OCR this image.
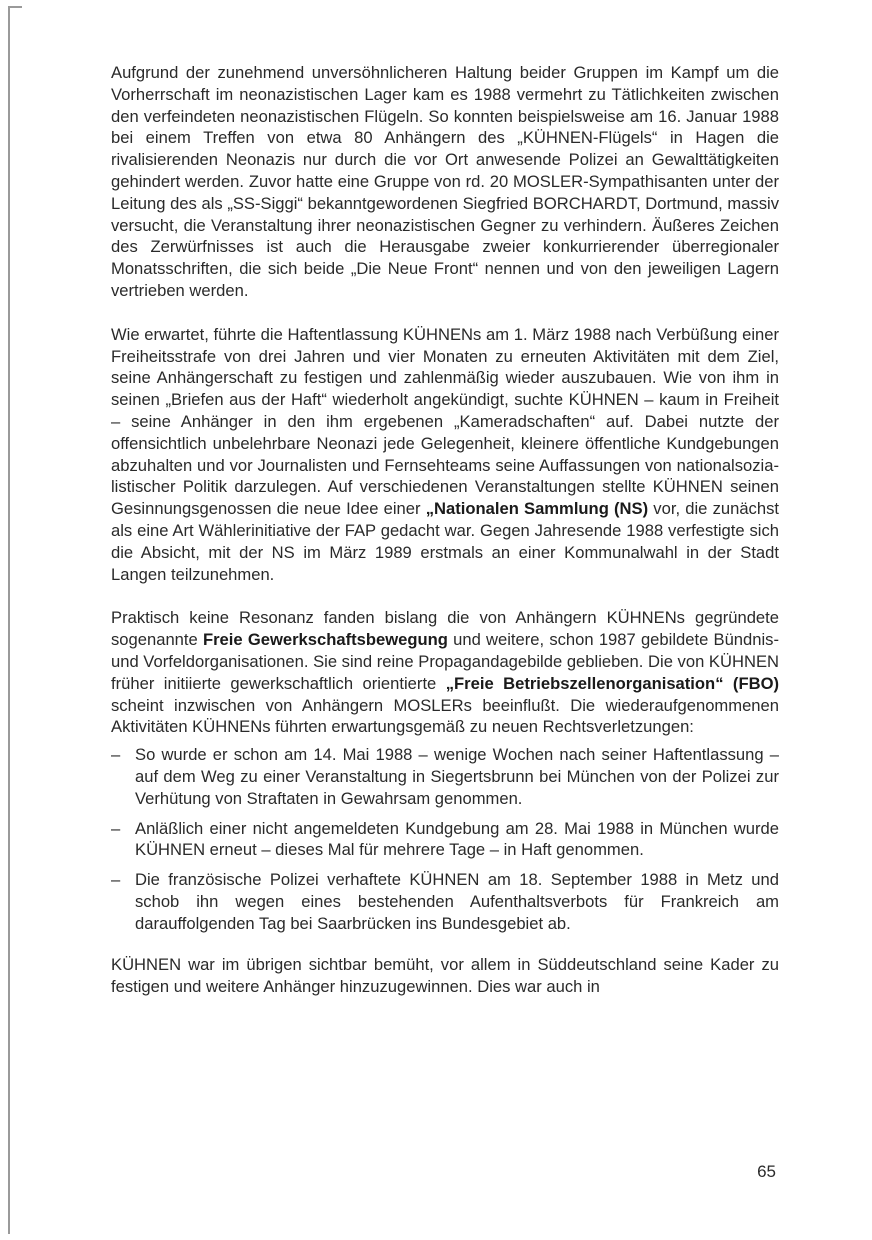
Aufgrund der zunehmend unversöhnlicheren Haltung beider Gruppen im Kampf um die Vorherrschaft im neonazistischen Lager kam es 1988 vermehrt zu Tätlichkeiten zwischen den verfeindeten neonazistischen Flügeln. So konnten beispielsweise am 16. Januar 1988 bei einem Treffen von etwa 80 Anhängern des „KÜHNEN-Flügels“ in Hagen die rivalisierenden Neonazis nur durch die vor Ort anwesende Polizei an Gewalttätigkeiten gehindert werden. Zuvor hatte eine Gruppe von rd. 20 MOSLER-Sympathisanten unter der Leitung des als „SS-Siggi“ bekanntgewordenen Siegfried BORCHARDT, Dortmund, massiv versucht, die Veranstaltung ihrer neonazistischen Gegner zu verhindern. Äußeres Zeichen des Zerwürfnisses ist auch die Herausgabe zweier konkurrierender überregionaler Monatsschriften, die sich beide „Die Neue Front“ nennen und von den jeweiligen Lagern vertrieben werden.

Wie erwartet, führte die Haftentlassung KÜHNENs am 1. März 1988 nach Verbüßung einer Freiheitsstrafe von drei Jahren und vier Monaten zu erneuten Aktivitäten mit dem Ziel, seine Anhängerschaft zu festigen und zahlenmäßig wieder auszubauen. Wie von ihm in seinen „Briefen aus der Haft“ wiederholt angekündigt, suchte KÜHNEN – kaum in Freiheit – seine Anhänger in den ihm ergebenen „Kameradschaften“ auf. Dabei nutzte der offensichtlich unbelehrbare Neonazi jede Gelegenheit, kleinere öffentliche Kundgebungen abzuhalten und vor Journalisten und Fernsehteams seine Auffassungen von nationalsozialistischer Politik darzulegen. Auf verschiedenen Veranstaltungen stellte KÜHNEN seinen Gesinnungsgenossen die neue Idee einer „Nationalen Sammlung (NS) vor, die zunächst als eine Art Wählerinitiative der FAP gedacht war. Gegen Jahresende 1988 verfestigte sich die Absicht, mit der NS im März 1989 erstmals an einer Kommunalwahl in der Stadt Langen teilzunehmen.

Praktisch keine Resonanz fanden bislang die von Anhängern KÜHNENs gegründete sogenannte Freie Gewerkschaftsbewegung und weitere, schon 1987 gebildete Bündnis- und Vorfeldorganisationen. Sie sind reine Propagandagebilde geblieben. Die von KÜHNEN früher initiierte gewerkschaftlich orientierte „Freie Betriebszellenorganisation“ (FBO) scheint inzwischen von Anhängern MOSLERs beeinflußt. Die wiederaufgenommenen Aktivitäten KÜHNENs führten erwartungsgemäß zu neuen Rechtsverletzungen:

– So wurde er schon am 14. Mai 1988 – wenige Wochen nach seiner Haftentlassung – auf dem Weg zu einer Veranstaltung in Siegertsbrunn bei München von der Polizei zur Verhütung von Straftaten in Gewahrsam genommen.
– Anläßlich einer nicht angemeldeten Kundgebung am 28. Mai 1988 in München wurde KÜHNEN erneut – dieses Mal für mehrere Tage – in Haft genommen.
– Die französische Polizei verhaftete KÜHNEN am 18. September 1988 in Metz und schob ihn wegen eines bestehenden Aufenthaltsverbots für Frankreich am darauffolgenden Tag bei Saarbrücken ins Bundesgebiet ab.

KÜHNEN war im übrigen sichtbar bemüht, vor allem in Süddeutschland seine Kader zu festigen und weitere Anhänger hinzuzugewinnen. Dies war auch in

65
